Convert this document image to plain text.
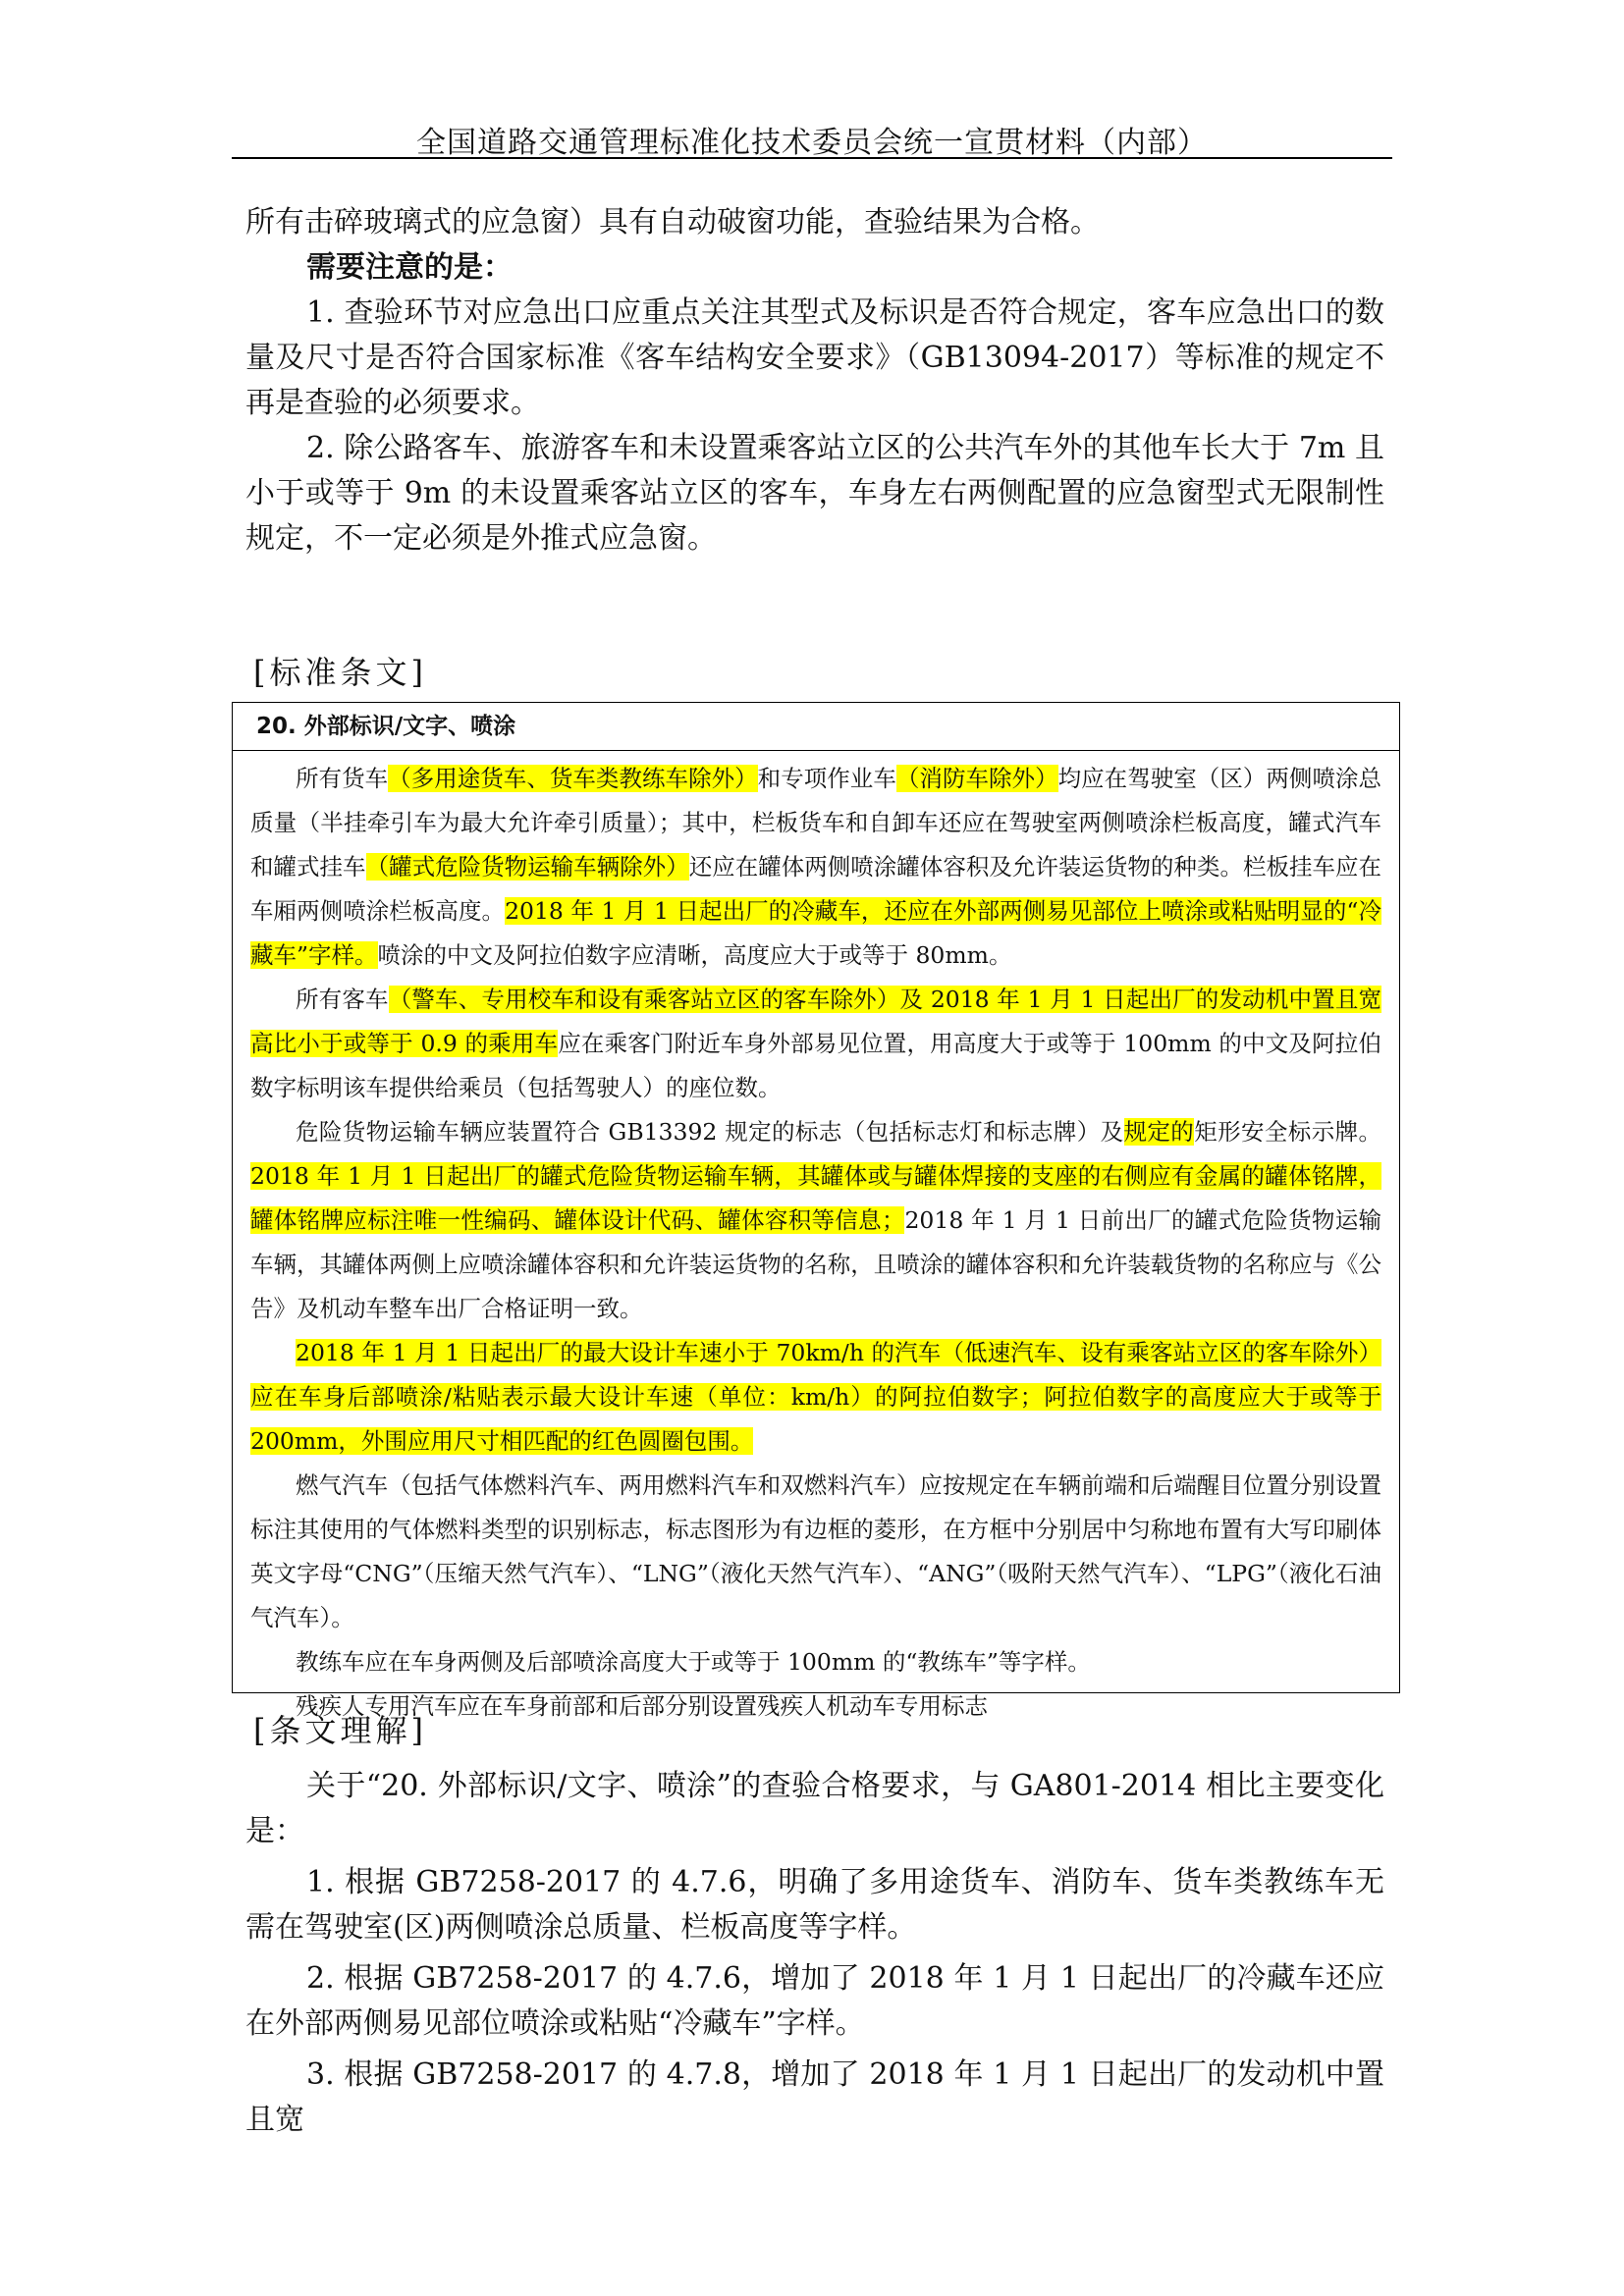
全国道路交通管理标准化技术委员会统一宣贯材料（内部）

所有击碎玻璃式的应急窗）具有自动破窗功能，查验结果为合格。

需要注意的是：

1. 查验环节对应急出口应重点关注其型式及标识是否符合规定，客车应急出口的数量及尺寸是否符合国家标准《客车结构安全要求》（GB13094-2017）等标准的规定不再是查验的必须要求。

2. 除公路客车、旅游客车和未设置乘客站立区的公共汽车外的其他车长大于 7m 且小于或等于 9m 的未设置乘客站立区的客车，车身左右两侧配置的应急窗型式无限制性规定，不一定必须是外推式应急窗。

[标准条文]
20. 外部标识/文字、喷涂

所有货车（多用途货车、货车类教练车除外）和专项作业车（消防车除外）均应在驾驶室（区）两侧喷涂总质量（半挂牵引车为最大允许牵引质量）；其中，栏板货车和自卸车还应在驾驶室两侧喷涂栏板高度，罐式汽车和罐式挂车（罐式危险货物运输车辆除外）还应在罐体两侧喷涂罐体容积及允许装运货物的种类。栏板挂车应在车厢两侧喷涂栏板高度。2018 年 1 月 1 日起出厂的冷藏车，还应在外部两侧易见部位上喷涂或粘贴明显的“冷藏车”字样。喷涂的中文及阿拉伯数字应清晰，高度应大于或等于 80mm。

所有客车（警车、专用校车和设有乘客站立区的客车除外）及 2018 年 1 月 1 日起出厂的发动机中置且宽高比小于或等于 0.9 的乘用车应在乘客门附近车身外部易见位置，用高度大于或等于 100mm 的中文及阿拉伯数字标明该车提供给乘员（包括驾驶人）的座位数。

危险货物运输车辆应装置符合 GB13392 规定的标志（包括标志灯和标志牌）及规定的矩形安全标示牌。2018 年 1 月 1 日起出厂的罐式危险货物运输车辆，其罐体或与罐体焊接的支座的右侧应有金属的罐体铭牌，罐体铭牌应标注唯一性编码、罐体设计代码、罐体容积等信息；2018 年 1 月 1 日前出厂的罐式危险货物运输车辆，其罐体两侧上应喷涂罐体容积和允许装运货物的名称，且喷涂的罐体容积和允许装载货物的名称应与《公告》及机动车整车出厂合格证明一致。

2018 年 1 月 1 日起出厂的最大设计车速小于 70km/h 的汽车（低速汽车、设有乘客站立区的客车除外）应在车身后部喷涂/粘贴表示最大设计车速（单位：km/h）的阿拉伯数字；阿拉伯数字的高度应大于或等于 200mm，外围应用尺寸相匹配的红色圆圈包围。

燃气汽车（包括气体燃料汽车、两用燃料汽车和双燃料汽车）应按规定在车辆前端和后端醒目位置分别设置标注其使用的气体燃料类型的识别标志，标志图形为有边框的菱形，在方框中分别居中匀称地布置有大写印刷体英文字母“CNG”（压缩天然气汽车）、“LNG”（液化天然气汽车）、“ANG”（吸附天然气汽车）、“LPG”（液化石油气汽车）。

教练车应在车身两侧及后部喷涂高度大于或等于 100mm 的“教练车”等字样。

残疾人专用汽车应在车身前部和后部分别设置残疾人机动车专用标志

[条文理解]

关于“20. 外部标识/文字、喷涂”的查验合格要求，与 GA801-2014 相比主要变化是：

1. 根据 GB7258-2017 的 4.7.6，明确了多用途货车、消防车、货车类教练车无需在驾驶室(区)两侧喷涂总质量、栏板高度等字样。

2. 根据 GB7258-2017 的 4.7.6，增加了 2018 年 1 月 1 日起出厂的冷藏车还应在外部两侧易见部位喷涂或粘贴“冷藏车”字样。

3. 根据 GB7258-2017 的 4.7.8，增加了 2018 年 1 月 1 日起出厂的发动机中置且宽
